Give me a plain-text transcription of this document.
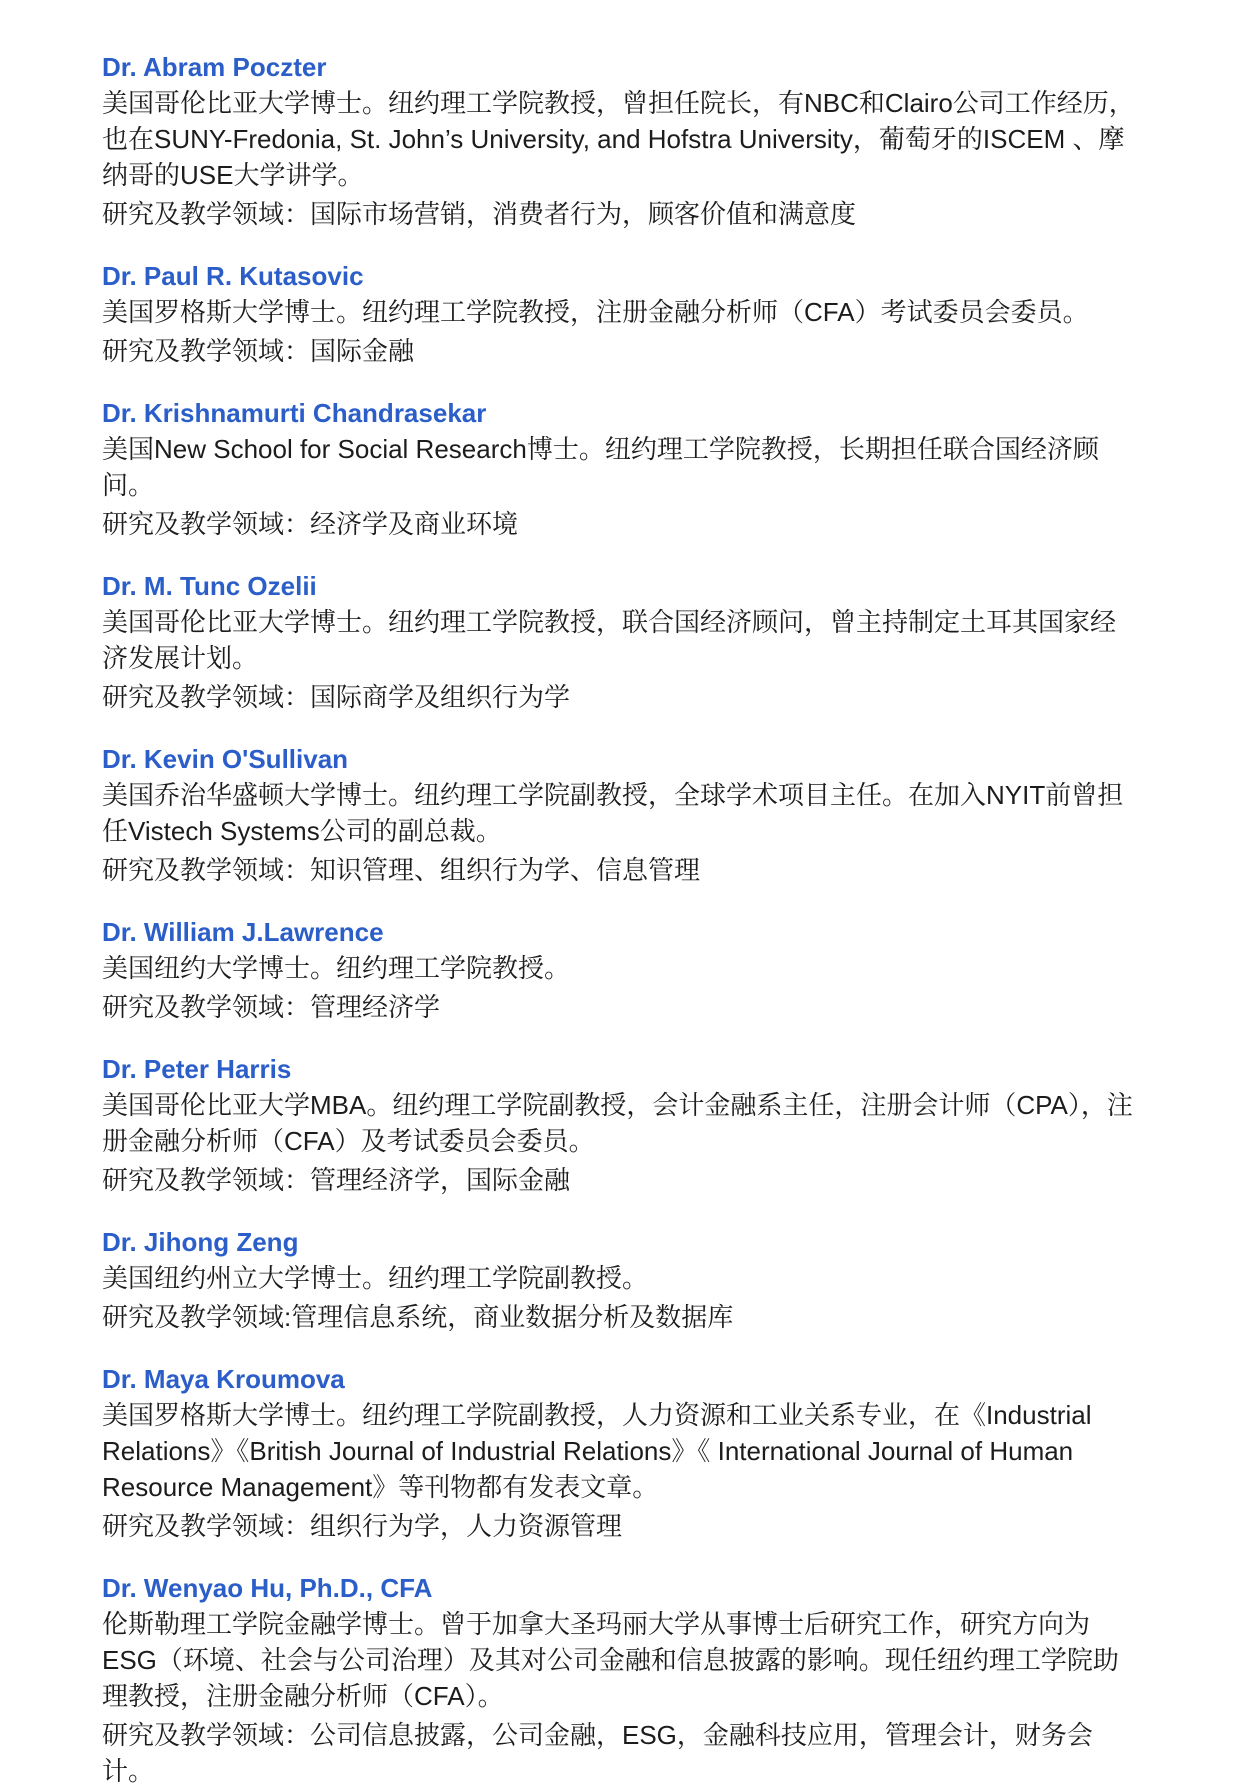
Dr. Abram Poczter

美国哥伦比亚大学博士。纽约理工学院教授，曾担任院长，有NBC和Clairo公司工作经历，也在SUNY-Fredonia, St. John’s University, and Hofstra University，葡萄牙的ISCEM 、摩纳哥的USE大学讲学。

研究及教学领域：国际市场营销，消费者行为，顾客价值和满意度

Dr. Paul R. Kutasovic

美国罗格斯大学博士。纽约理工学院教授，注册金融分析师（CFA）考试委员会委员。

研究及教学领域：国际金融

Dr. Krishnamurti Chandrasekar

美国New School for Social Research博士。纽约理工学院教授，长期担任联合国经济顾问。

研究及教学领域：经济学及商业环境

Dr. M. Tunc Ozelii

美国哥伦比亚大学博士。纽约理工学院教授，联合国经济顾问，曾主持制定土耳其国家经济发展计划。

研究及教学领域：国际商学及组织行为学

Dr. Kevin O'Sullivan

美国乔治华盛顿大学博士。纽约理工学院副教授，全球学术项目主任。在加入NYIT前曾担任Vistech Systems公司的副总裁。

研究及教学领域：知识管理、组织行为学、信息管理

Dr. William J.Lawrence

美国纽约大学博士。纽约理工学院教授。

研究及教学领域：管理经济学

Dr. Peter Harris

美国哥伦比亚大学MBA。纽约理工学院副教授，会计金融系主任，注册会计师（CPA），注册金融分析师（CFA）及考试委员会委员。

研究及教学领域：管理经济学，国际金融

Dr. Jihong Zeng

美国纽约州立大学博士。纽约理工学院副教授。

研究及教学领域:管理信息系统，商业数据分析及数据库

Dr. Maya Kroumova

美国罗格斯大学博士。纽约理工学院副教授，人力资源和工业关系专业，在《Industrial Relations》《British Journal of Industrial Relations》《 International Journal of Human Resource Management》等刊物都有发表文章。

研究及教学领域：组织行为学，人力资源管理

Dr. Wenyao Hu, Ph.D., CFA

伦斯勒理工学院金融学博士。曾于加拿大圣玛丽大学从事博士后研究工作，研究方向为ESG（环境、社会与公司治理）及其对公司金融和信息披露的影响。现任纽约理工学院助理教授，注册金融分析师（CFA）。

研究及教学领域：公司信息披露，公司金融，ESG，金融科技应用，管理会计，财务会计。
